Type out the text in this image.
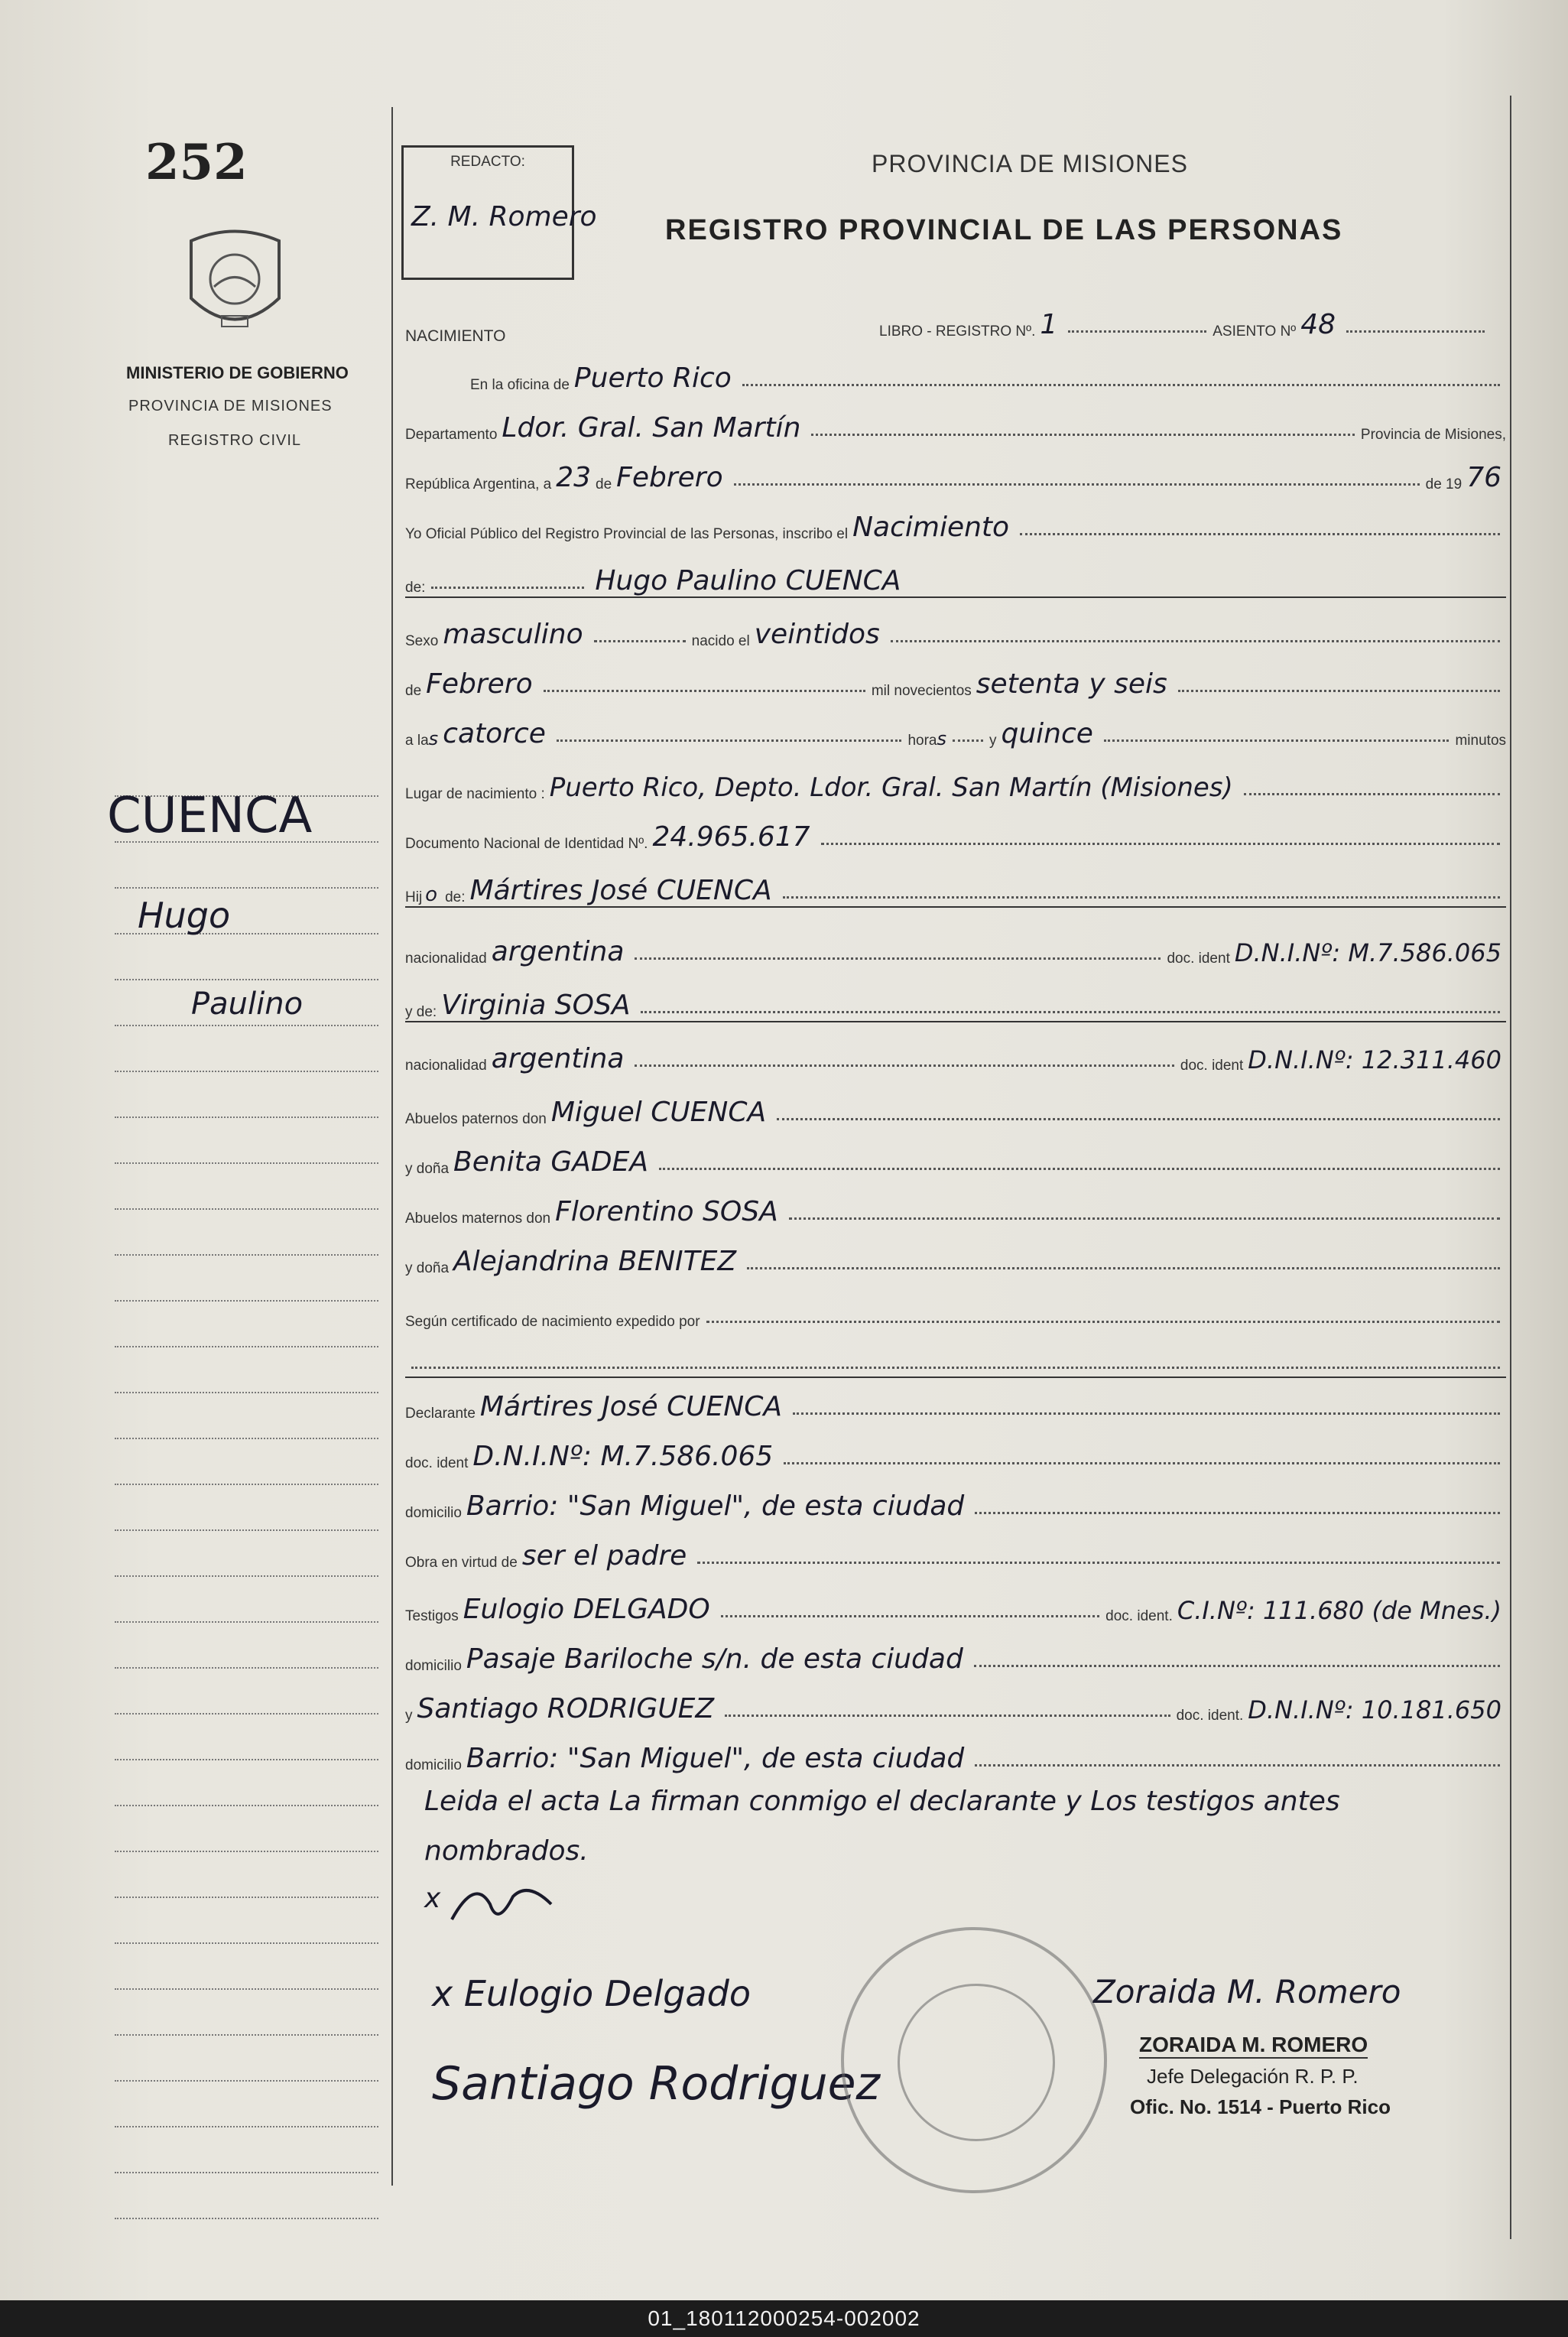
252
MINISTERIO DE GOBIERNO
PROVINCIA DE MISIONES
REGISTRO CIVIL
CUENCA
Hugo
Paulino
REDACTO:
Z. M. Romero
PROVINCIA DE MISIONES
REGISTRO PROVINCIAL DE LAS PERSONAS
NACIMIENTO	LIBRO - REGISTRO Nº. 1	ASIENTO Nº 48
En la oficina de Puerto Rico
Departamento Ldor. Gral. San Martín	Provincia de Misiones,
República Argentina, a 23 de Febrero	de 19 76
Yo Oficial Público del Registro Provincial de las Personas, inscribo el Nacimiento
de:	Hugo Paulino CUENCA
Sexo masculino	nacido el veintidos
de Febrero	mil novecientos setenta y seis
a la s catorce	hora s	y quince	minutos
Lugar de nacimiento : Puerto Rico, Depto. Ldor. Gral. San Martín (Misiones)
Documento Nacional de Identidad Nº. 24.965.617
Hij o de: Mártires José CUENCA
nacionalidad argentina	doc. ident D.N.I.Nº: M.7.586.065
y de: Virginia SOSA
nacionalidad argentina	doc. ident D.N.I.Nº: 12.311.460
Abuelos paternos don Miguel CUENCA
y doña Benita GADEA
Abuelos maternos don Florentino SOSA
y doña Alejandrina BENITEZ
Según certificado de nacimiento expedido por
Declarante Mártires José CUENCA
doc. ident D.N.I.Nº: M.7.586.065
domicilio Barrio: "San Miguel", de esta ciudad
Obra en virtud de ser el padre
Testigos Eulogio DELGADO	doc. ident. C.I.Nº: 111.680 (de Mnes.)
domicilio Pasaje Bariloche s/n. de esta ciudad
y Santiago RODRIGUEZ	doc. ident. D.N.I.Nº: 10.181.650
domicilio Barrio: "San Miguel", de esta ciudad
Leida el acta La firman conmigo el declarante y Los testigos antes
nombrados.
x
x Eulogio Delgado
Santiago Rodriguez
Zoraida M. Romero
ZORAIDA M. ROMERO
Jefe Delegación R. P. P.
Ofic. No. 1514 - Puerto Rico
01_180112000254-002002
